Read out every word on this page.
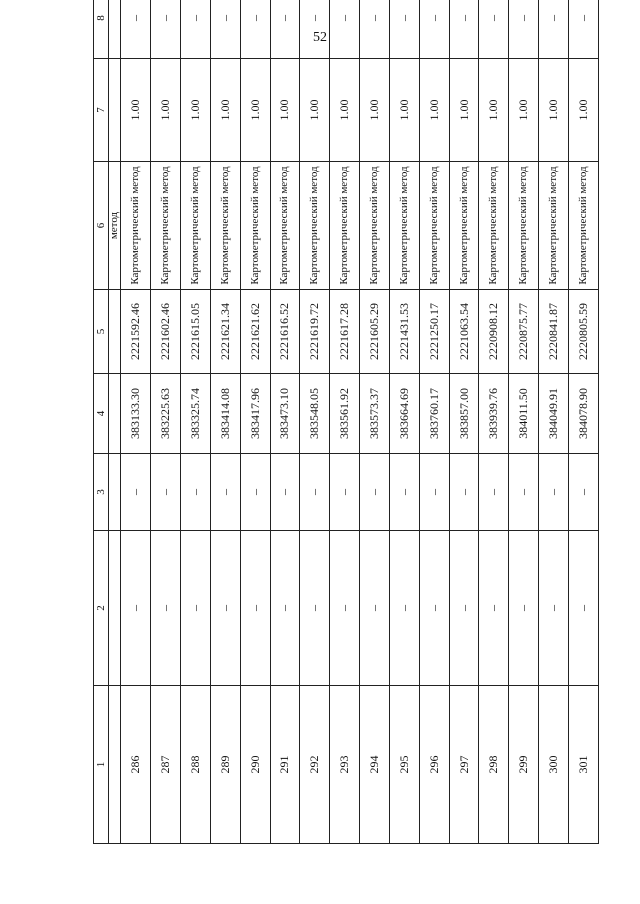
52
1	2	3	4	5	6	7	8
					метод		
286	–	–	383133.30	2221592.46	Картометрический метод	1.00	–
287	–	–	383225.63	2221602.46	Картометрический метод	1.00	–
288	–	–	383325.74	2221615.05	Картометрический метод	1.00	–
289	–	–	383414.08	2221621.34	Картометрический метод	1.00	–
290	–	–	383417.96	2221621.62	Картометрический метод	1.00	–
291	–	–	383473.10	2221616.52	Картометрический метод	1.00	–
292	–	–	383548.05	2221619.72	Картометрический метод	1.00	–
293	–	–	383561.92	2221617.28	Картометрический метод	1.00	–
294	–	–	383573.37	2221605.29	Картометрический метод	1.00	–
295	–	–	383664.69	2221431.53	Картометрический метод	1.00	–
296	–	–	383760.17	2221250.17	Картометрический метод	1.00	–
297	–	–	383857.00	2221063.54	Картометрический метод	1.00	–
298	–	–	383939.76	2220908.12	Картометрический метод	1.00	–
299	–	–	384011.50	2220875.77	Картометрический метод	1.00	–
300	–	–	384049.91	2220841.87	Картометрический метод	1.00	–
301	–	–	384078.90	2220805.59	Картометрический метод	1.00	–
